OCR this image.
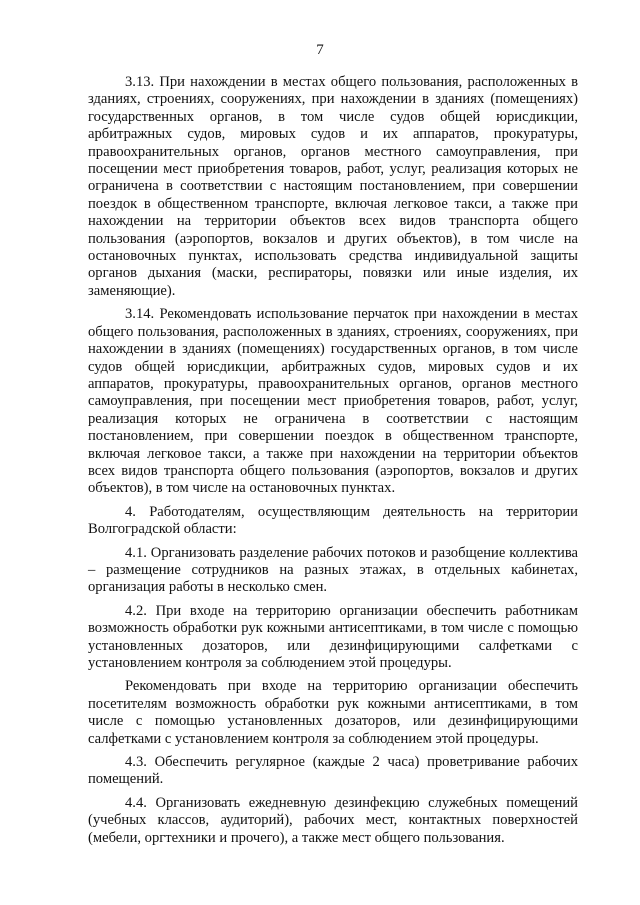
7

3.13. При нахождении в местах общего пользования, расположенных в зданиях, строениях, сооружениях, при нахождении в зданиях (помещениях) государственных органов, в том числе судов общей юрисдикции, арбитражных судов, мировых судов и их аппаратов, прокуратуры, правоохранительных органов, органов местного самоуправления, при посещении мест приобретения товаров, работ, услуг, реализация которых не ограничена в соответствии с настоящим постановлением, при совершении поездок в общественном транспорте, включая легковое такси, а также при нахождении на территории объектов всех видов транспорта общего пользования (аэропортов, вокзалов и других объектов), в том числе на остановочных пунктах, использовать средства индивидуальной защиты органов дыхания (маски, респираторы, повязки или иные изделия, их заменяющие).

3.14. Рекомендовать использование перчаток при нахождении в местах общего пользования, расположенных в зданиях, строениях, сооружениях, при нахождении в зданиях (помещениях) государственных органов, в том числе судов общей юрисдикции, арбитражных судов, мировых судов и их аппаратов, прокуратуры, правоохранительных органов, органов местного самоуправления, при посещении мест приобретения товаров, работ, услуг, реализация которых не ограничена в соответствии с настоящим постановлением, при совершении поездок в общественном транспорте, включая легковое такси, а также при нахождении на территории объектов всех видов транспорта общего пользования (аэропортов, вокзалов и других объектов), в том числе на остановочных пунктах.

4. Работодателям, осуществляющим деятельность на территории Волгоградской области:

4.1. Организовать разделение рабочих потоков и разобщение коллектива – размещение сотрудников на разных этажах, в отдельных кабинетах, организация работы в несколько смен.

4.2. При входе на территорию организации обеспечить работникам возможность обработки рук кожными антисептиками, в том числе с помощью установленных дозаторов, или дезинфицирующими салфетками с установлением контроля за соблюдением этой процедуры.

Рекомендовать при входе на территорию организации обеспечить посетителям возможность обработки рук кожными антисептиками, в том числе с помощью установленных дозаторов, или дезинфицирующими салфетками с установлением контроля за соблюдением этой процедуры.

4.3. Обеспечить регулярное (каждые 2 часа) проветривание рабочих помещений.

4.4. Организовать ежедневную дезинфекцию служебных помещений (учебных классов, аудиторий), рабочих мест, контактных поверхностей (мебели, оргтехники и прочего), а также мест общего пользования.
